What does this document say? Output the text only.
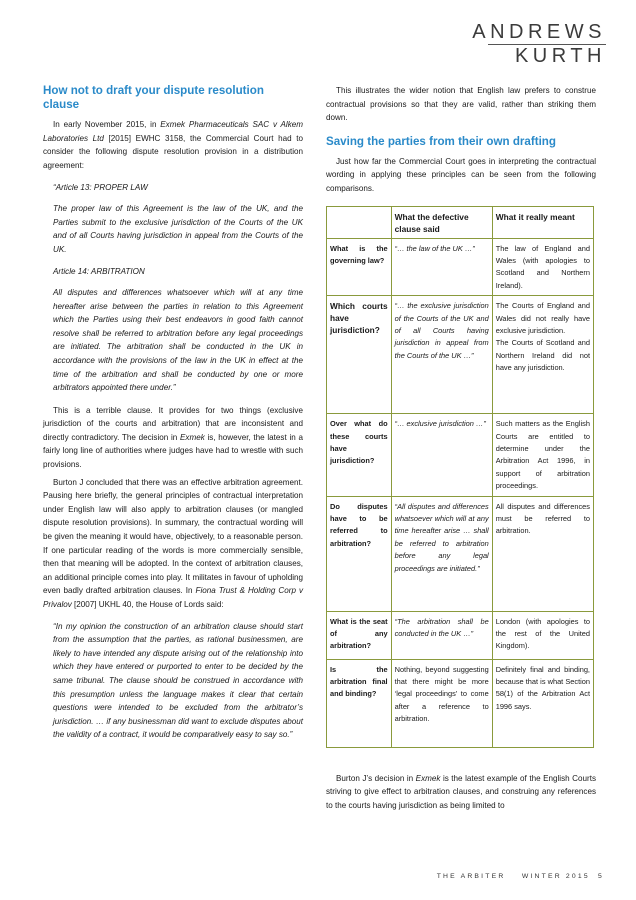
ANDREWS
KURTH
How not to draft your dispute resolution clause

In early November 2015, in Exmek Pharmaceuticals SAC v Alkem Laboratories Ltd [2015] EWHC 3158, the Commercial Court had to consider the following dispute resolution provision in a distribution agreement:

“Article 13: PROPER LAW
The proper law of this Agreement is the law of the UK, and the Parties submit to the exclusive jurisdiction of the Courts of the UK and of all Courts having jurisdiction in appeal from the Courts of the UK.
Article 14: ARBITRATION
All disputes and differences whatsoever which will at any time hereafter arise between the parties in relation to this Agreement which the Parties using their best endeavors in good faith cannot resolve shall be referred to arbitration before any legal proceedings are initiated. The arbitration shall be conducted in the UK in accordance with the provisions of the law in the UK in effect at the time of the arbitration and shall be conducted by one or more arbitrators appointed there under.”

This is a terrible clause. It provides for two things (exclusive jurisdiction of the courts and arbitration) that are inconsistent and directly contradictory. The decision in Exmek is, however, the latest in a fairly long line of authorities where judges have had to wrestle with such provisions.

Burton J concluded that there was an effective arbitration agreement. Pausing here briefly, the general principles of contractual interpretation under English law will also apply to arbitration clauses (or mangled dispute resolution provisions). In summary, the contractual wording will be given the meaning it would have, objectively, to a reasonable person. If one particular reading of the words is more commercially sensible, then that meaning will be adopted. In the context of arbitration clauses, an additional principle comes into play. It militates in favour of upholding even badly drafted arbitration clauses. In Fiona Trust & Holding Corp v Privalov [2007] UKHL 40, the House of Lords said:

“In my opinion the construction of an arbitration clause should start from the assumption that the parties, as rational businessmen, are likely to have intended any dispute arising out of the relationship into which they have entered or purported to enter to be decided by the same tribunal. The clause should be construed in accordance with this presumption unless the language makes it clear that certain questions were intended to be excluded from the arbitrator’s jurisdiction. … if any businessman did want to exclude disputes about the validity of a contract, it would be comparatively easy to say so.”

This illustrates the wider notion that English law prefers to construe contractual provisions so that they are valid, rather than striking them down.

Saving the parties from their own drafting

Just how far the Commercial Court goes in interpreting the contractual wording in applying these principles can be seen from the following comparisons.

	What the defective clause said	What it really meant
What is the governing law?	“… the law of the UK …”	The law of England and Wales (with apologies to Scotland and Northern Ireland).
Which courts have jurisdiction?	“… the exclusive jurisdiction of the Courts of the UK and of all Courts having jurisdiction in appeal from the Courts of the UK …”	The Courts of England and Wales did not really have exclusive jurisdiction.
The Courts of Scotland and Northern Ireland did not have any jurisdiction.

Over what do these courts have jurisdiction?	“… exclusive jurisdiction …”	Such matters as the English Courts are entitled to determine under the Arbitration Act 1996, in support of arbitration proceedings.
Do disputes have to be referred to arbitration?	“All disputes and differences whatsoever which will at any time hereafter arise … shall be referred to arbitration before any legal proceedings are initiated.”	All disputes and differences must be referred to arbitration.
What is the seat of any arbitration?	“The arbitration shall be conducted in the UK …”	London (with apologies to the rest of the United Kingdom).
Is the arbitration final and binding?	Nothing, beyond suggesting that there might be more ‘legal proceedings’ to come after a reference to arbitration.	Definitely final and binding, because that is what Section 58(1) of the Arbitration Act 1996 says.

Burton J’s decision in Exmek is the latest example of the English Courts striving to give effect to arbitration clauses, and construing any references to the courts having jurisdiction as being limited to

THE ARBITER WINTER 2015 5
